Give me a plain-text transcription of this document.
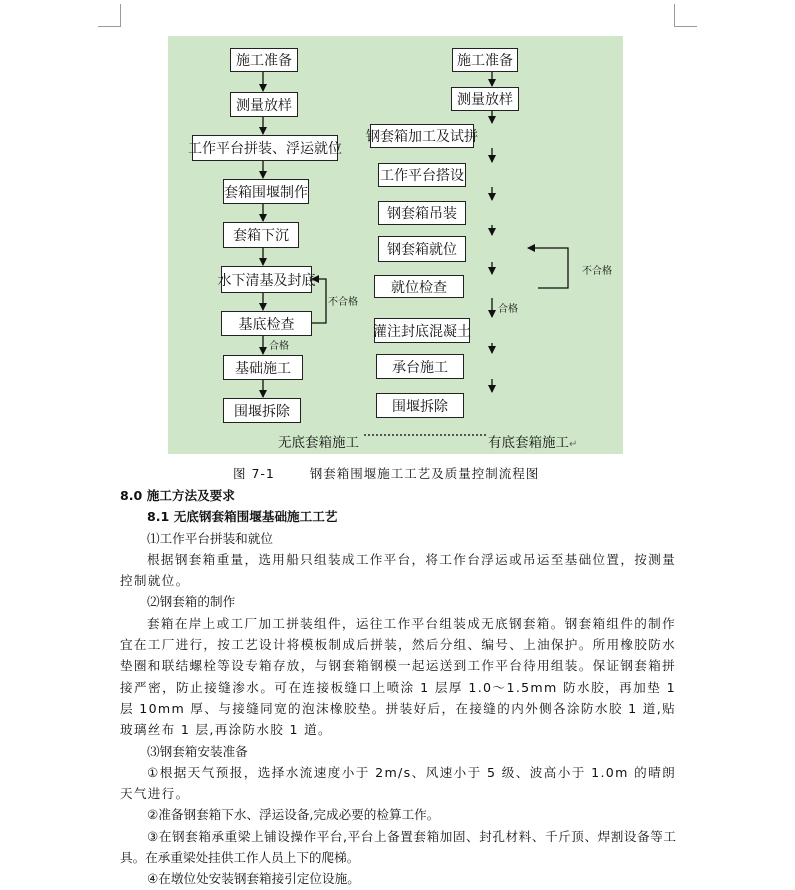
施工准备
测量放样
工作平台拼装、浮运就位
套箱围堰制作
套箱下沉
水下清基及封底
基底检查
基础施工
围堰拆除
不合格
合格
施工准备
测量放样
钢套箱加工及试拼
工作平台搭设
钢套箱吊装
钢套箱就位
就位检查
灌注封底混凝土
承台施工
围堰拆除
不合格
合格
无底套箱施工	有底套箱施工↵
图 7-1       钢套箱围堰施工工艺及质量控制流程图

8.0 施工方法及要求

8.1 无底钢套箱围堰基础施工工艺

⑴工作平台拼装和就位

根据钢套箱重量，选用船只组装成工作平台，将工作台浮运或吊运至基础位置，按测量控制就位。

⑵钢套箱的制作

套箱在岸上或工厂加工拼装组件，运往工作平台组装成无底钢套箱。钢套箱组件的制作宜在工厂进行，按工艺设计将模板制成后拼装，然后分组、编号、上油保护。所用橡胶防水垫圈和联结螺栓等设专箱存放，与钢套箱钢模一起运送到工作平台待用组装。保证钢套箱拼接严密，防止接缝渗水。可在连接板缝口上喷涂 1 层厚 1.0～1.5mm 防水胶，再加垫 1 层 10mm 厚、与接缝同宽的泡沫橡胶垫。拼装好后，在接缝的内外侧各涂防水胶 1 道,贴玻璃丝布 1 层,再涂防水胶 1 道。

⑶钢套箱安装准备

①根据天气预报，选择水流速度小于 2m/s、风速小于 5 级、波高小于 1.0m 的晴朗天气进行。

②准备钢套箱下水、浮运设备,完成必要的检算工作。

③在钢套箱承重梁上铺设操作平台,平台上备置套箱加固、封孔材料、千斤顶、焊割设备等工具。在承重梁处挂供工作人员上下的爬梯。

④在墩位处安装钢套箱接引定位设施。
